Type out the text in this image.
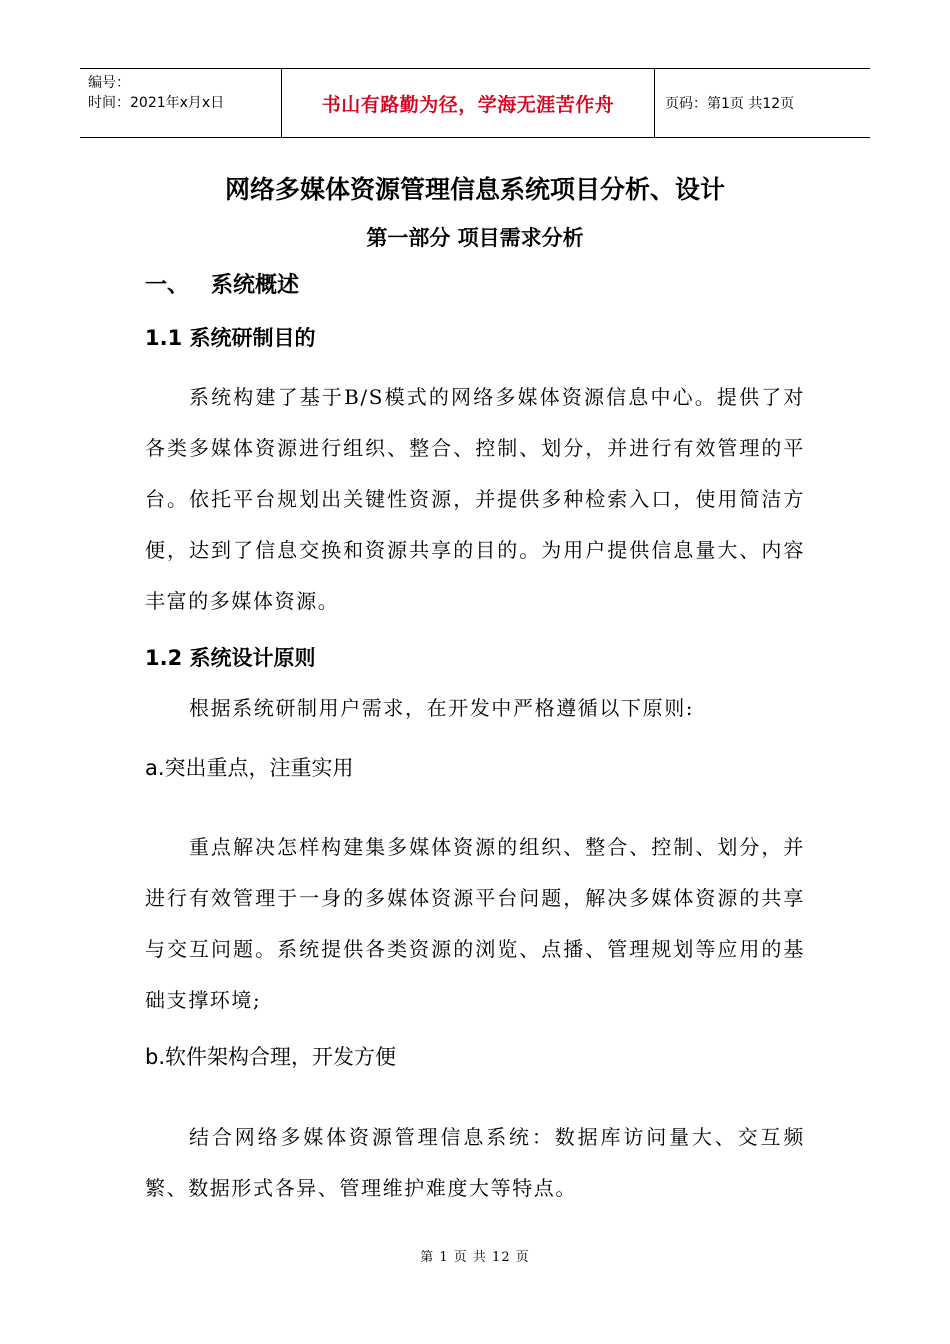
编号：
时间：2021年x月x日	书山有路勤为径，学海无涯苦作舟	页码：第1页 共12页
网络多媒体资源管理信息系统项目分析、设计
第一部分 项目需求分析
一、 系统概述
1.1 系统研制目的
系统构建了基于B/S模式的网络多媒体资源信息中心。提供了对各类多媒体资源进行组织、整合、控制、划分，并进行有效管理的平台。依托平台规划出关键性资源，并提供多种检索入口，使用简洁方便，达到了信息交换和资源共享的目的。为用户提供信息量大、内容丰富的多媒体资源。
1.2 系统设计原则
根据系统研制用户需求，在开发中严格遵循以下原则:
a.突出重点，注重实用
重点解决怎样构建集多媒体资源的组织、整合、控制、划分，并进行有效管理于一身的多媒体资源平台问题，解决多媒体资源的共享与交互问题。系统提供各类资源的浏览、点播、管理规划等应用的基础支撑环境;
b.软件架构合理，开发方便
结合网络多媒体资源管理信息系统：数据库访问量大、交互频繁、数据形式各异、管理维护难度大等特点。
第 1 页 共 12 页
